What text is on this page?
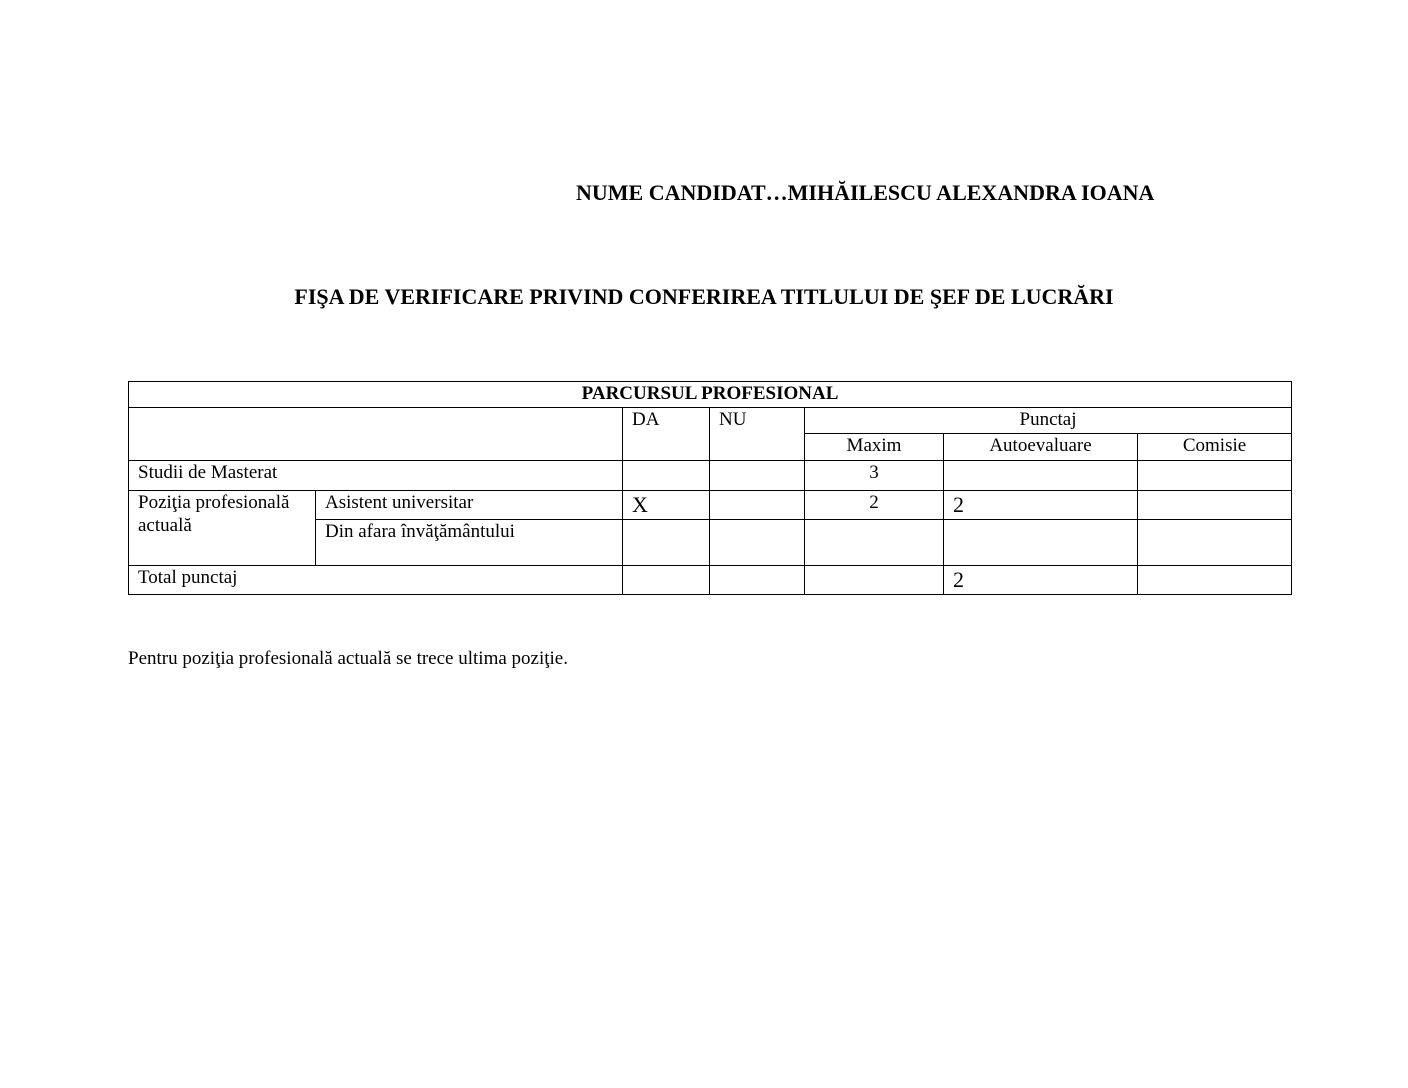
NUME CANDIDAT…MIHĂILESCU ALEXANDRA IOANA
FIŞA DE VERIFICARE PRIVIND CONFERIREA TITLULUI DE ŞEF DE LUCRĂRI
PARCURSUL PROFESIONAL						
		DA	NU	Punctaj		
				Maxim	Autoevaluare	Comisie
Studii de Masterat				3		
Poziţia profesională actuală	Asistent universitar	X		2	2	
	Din afara învăţământului					
Total punctaj					2	
Pentru poziţia profesională actuală se trece ultima poziţie.
